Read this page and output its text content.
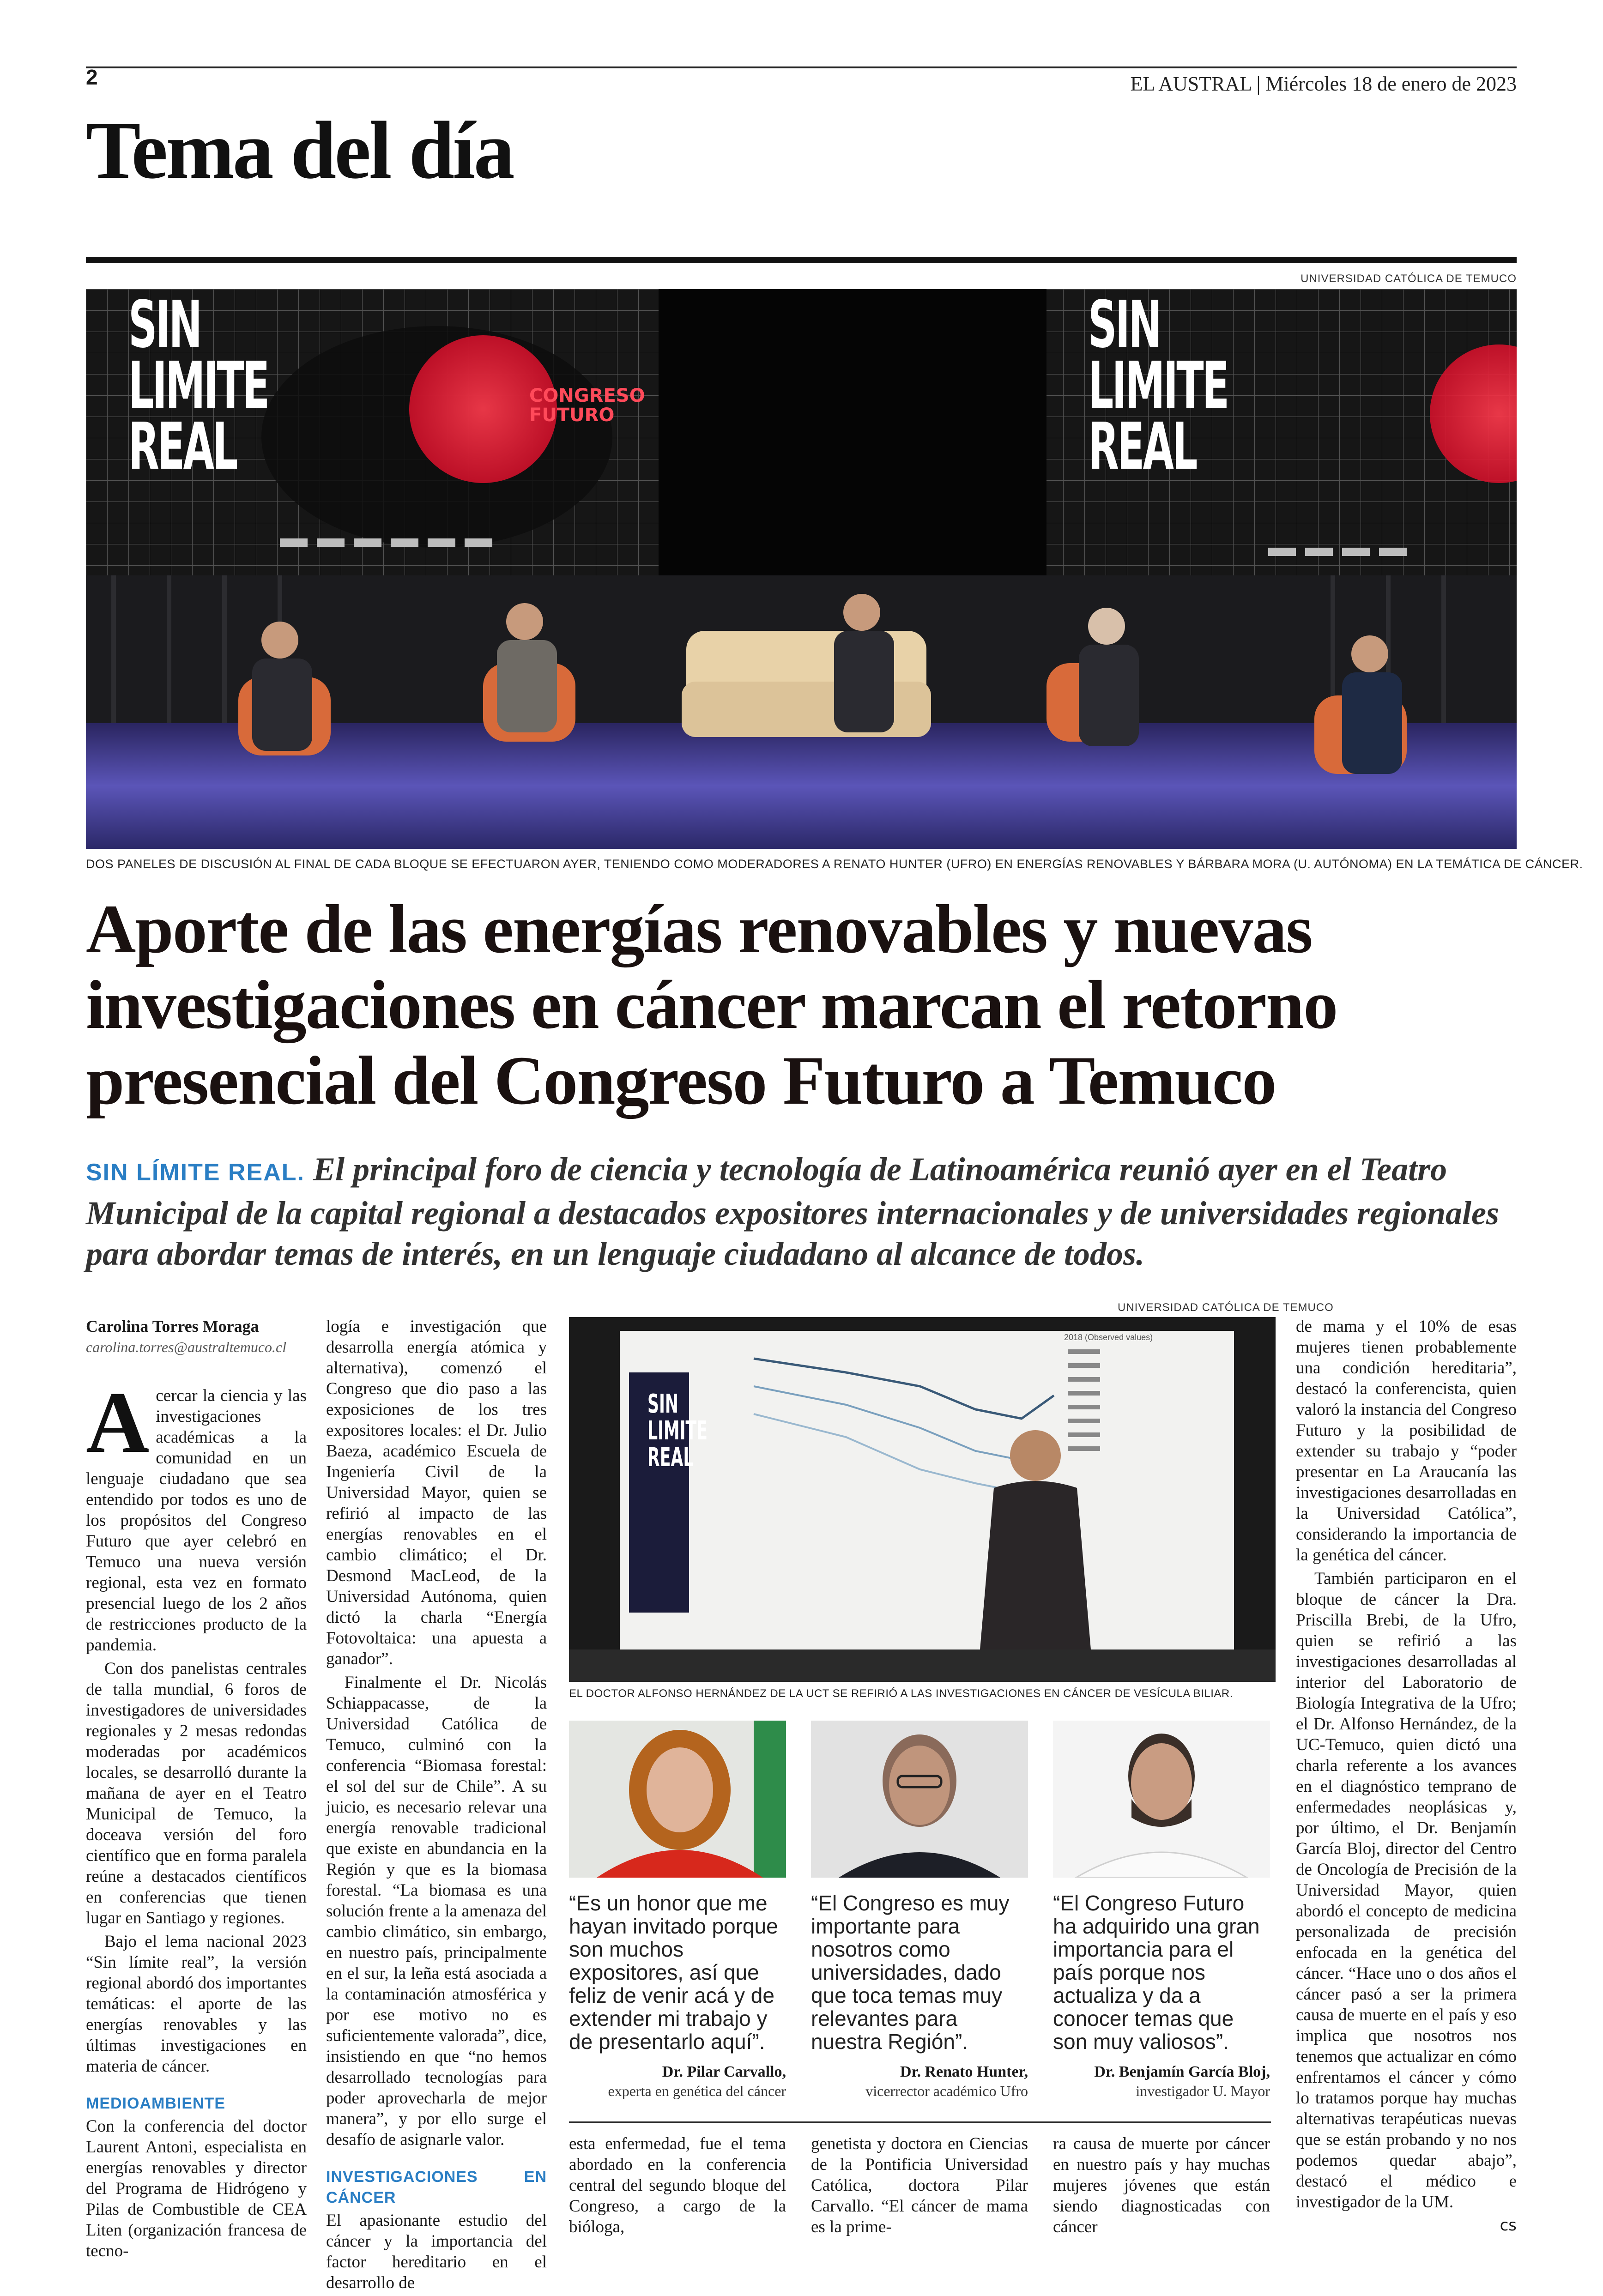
2	EL AUSTRAL | Miércoles 18 de enero de 2023
Tema del día
UNIVERSIDAD CATÓLICA DE TEMUCO
SIN
LIMITE
REAL
CONGRESO
FUTURO
SIN
LIMITE
REAL
DOS PANELES DE DISCUSIÓN AL FINAL DE CADA BLOQUE SE EFECTUARON AYER, TENIENDO COMO MODERADORES A RENATO HUNTER (UFRO) EN ENERGÍAS RENOVABLES Y BÁRBARA MORA (U. AUTÓNOMA) EN LA TEMÁTICA DE CÁNCER.
Aporte de las energías renovables y nuevas investigaciones en cáncer marcan el retorno presencial del Congreso Futuro a Temuco
SIN LÍMITE REAL. El principal foro de ciencia y tecnología de Latinoamérica reunió ayer en el Teatro Municipal de la capital regional a destacados expositores internacionales y de universidades regionales para abordar temas de interés, en un lenguaje ciudadano al alcance de todos.
Carolina Torres Moraga
carolina.torres@australtemuco.cl

Acercar la ciencia y las investigaciones académicas a la comunidad en un lenguaje ciudadano que sea entendido por todos es uno de los propósitos del Congreso Futuro que ayer celebró en Temuco una nueva versión regional, esta vez en formato presencial luego de los 2 años de restricciones producto de la pandemia.

Con dos panelistas centrales de talla mundial, 6 foros de investigadores de universidades regionales y 2 mesas redondas moderadas por académicos locales, se desarrolló durante la mañana de ayer en el Teatro Municipal de Temuco, la doceava versión del foro científico que en forma paralela reúne a destacados científicos en conferencias que tienen lugar en Santiago y regiones.

Bajo el lema nacional 2023 “Sin límite real”, la versión regional abordó dos importantes temáticas: el aporte de las energías renovables y las últimas investigaciones en materia de cáncer.

MEDIOAMBIENTE

Con la conferencia del doctor Laurent Antoni, especialista en energías renovables y director del Programa de Hidrógeno y Pilas de Combustible de CEA Liten (organización francesa de tecno-

logía e investigación que desarrolla energía atómica y alternativa), comenzó el Congreso que dio paso a las exposiciones de los tres expositores locales: el Dr. Julio Baeza, académico Escuela de Ingeniería Civil de la Universidad Mayor, quien se refirió al impacto de las energías renovables en el cambio climático; el Dr. Desmond MacLeod, de la Universidad Autónoma, quien dictó la charla “Energía Fotovoltaica: una apuesta a ganador”.

Finalmente el Dr. Nicolás Schiappacasse, de la Universidad Católica de Temuco, culminó con la conferencia “Biomasa forestal: el sol del sur de Chile”. A su juicio, es necesario relevar una energía renovable tradicional que existe en abundancia en la Región y que es la biomasa forestal. “La biomasa es una solución frente a la amenaza del cambio climático, sin embargo, en nuestro país, principalmente en el sur, la leña está asociada a la contaminación atmosférica y por ese motivo no es suficientemente valorada”, dice, insistiendo en que “no hemos desarrollado tecnologías para poder aprovecharla de mejor manera”, y por ello surge el desafío de asignarle valor.

INVESTIGACIONES EN CÁNCER

El apasionante estudio del cáncer y la importancia del factor hereditario en el desarrollo de

UNIVERSIDAD CATÓLICA DE TEMUCO
SIN
LIMITE
REAL
2018 (Observed values)
EL DOCTOR ALFONSO HERNÁNDEZ DE LA UCT SE REFIRIÓ A LAS INVESTIGACIONES EN CÁNCER DE VESÍCULA BILIAR.
“Es un honor que me hayan invitado porque son muchos expositores, así que feliz de venir acá y de extender mi trabajo y de presentarlo aquí”.
Dr. Pilar Carvallo,
experta en genética del cáncer
“El Congreso es muy importante para nosotros como universidades, dado que toca temas muy relevantes para nuestra Región”.
Dr. Renato Hunter,
vicerrector académico Ufro
“El Congreso Futuro ha adquirido una gran importancia para el país porque nos actualiza y da a conocer temas que son muy valiosos”.
Dr. Benjamín García Bloj,
investigador U. Mayor

esta enfermedad, fue el tema abordado en la conferencia central del segundo bloque del Congreso, a cargo de la bióloga,

genetista y doctora en Ciencias de la Pontificia Universidad Católica, doctora Pilar Carvallo. “El cáncer de mama es la prime-

ra causa de muerte por cáncer en nuestro país y hay muchas mujeres jóvenes que están siendo diagnosticadas con cáncer

de mama y el 10% de esas mujeres tienen probablemente una condición hereditaria”, destacó la conferencista, quien valoró la instancia del Congreso Futuro y la posibilidad de extender su trabajo y “poder presentar en La Araucanía las investigaciones desarrolladas en la Universidad Católica”, considerando la importancia de la genética del cáncer.

También participaron en el bloque de cáncer la Dra. Priscilla Brebi, de la Ufro, quien se refirió a las investigaciones desarrolladas al interior del Laboratorio de Biología Integrativa de la Ufro; el Dr. Alfonso Hernández, de la UC-Temuco, quien dictó una charla referente a los avances en el diagnóstico temprano de enfermedades neoplásicas y, por último, el Dr. Benjamín García Bloj, director del Centro de Oncología de Precisión de la Universidad Mayor, quien abordó el concepto de medicina personalizada de precisión enfocada en la genética del cáncer. “Hace uno o dos años el cáncer pasó a ser la primera causa de muerte en el país y eso implica que nosotros nos tenemos que actualizar en cómo enfrentamos el cáncer y cómo lo tratamos porque hay muchas alternativas terapéuticas nuevas que se están probando y no nos podemos quedar abajo”, destacó el médico e investigador de la UM.

cs
